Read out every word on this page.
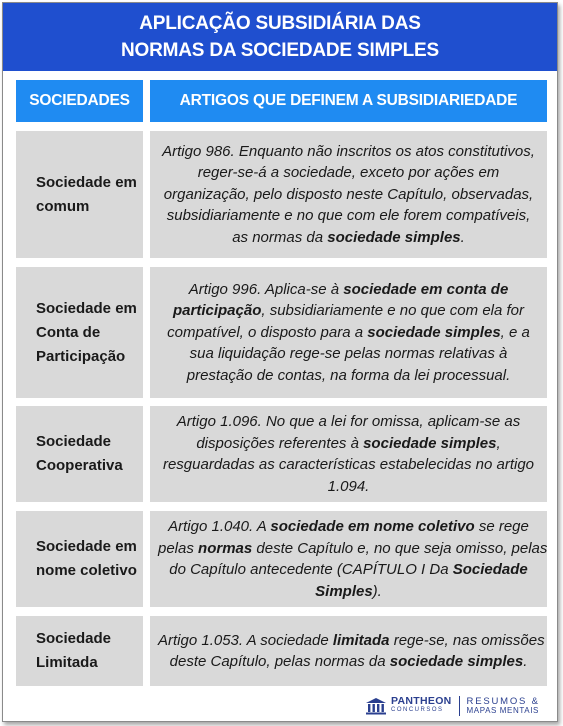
APLICAÇÃO SUBSIDIÁRIA DAS
NORMAS DA SOCIEDADE SIMPLES
SOCIEDADES	ARTIGOS QUE DEFINEM A SUBSIDIARIEDADE
Sociedade em
comum
Artigo 986. Enquanto não inscritos os atos constitutivos,
reger-se-á a sociedade, exceto por ações em
organização, pelo disposto neste Capítulo, observadas,
subsidiariamente e no que com ele forem compatíveis,
as normas da sociedade simples.
Sociedade em
Conta de
Participação
Artigo 996. Aplica-se à sociedade em conta de
participação, subsidiariamente e no que com ela for
compatível, o disposto para a sociedade simples, e a
sua liquidação rege-se pelas normas relativas à
prestação de contas, na forma da lei processual.
Sociedade
Cooperativa
Artigo 1.096. No que a lei for omissa, aplicam-se as
disposições referentes à sociedade simples,
resguardadas as características estabelecidas no artigo
1.094.
Sociedade em
nome coletivo
Artigo 1.040. A sociedade em nome coletivo se rege
pelas normas deste Capítulo e, no que seja omisso, pelas
do Capítulo antecedente (CAPÍTULO I Da Sociedade
Simples).
Sociedade
Limitada
Artigo 1.053. A sociedade limitada rege-se, nas omissões
deste Capítulo, pelas normas da sociedade simples.
PANTHEON
CONCURSOS
RESUMOS &
MAPAS MENTAIS
